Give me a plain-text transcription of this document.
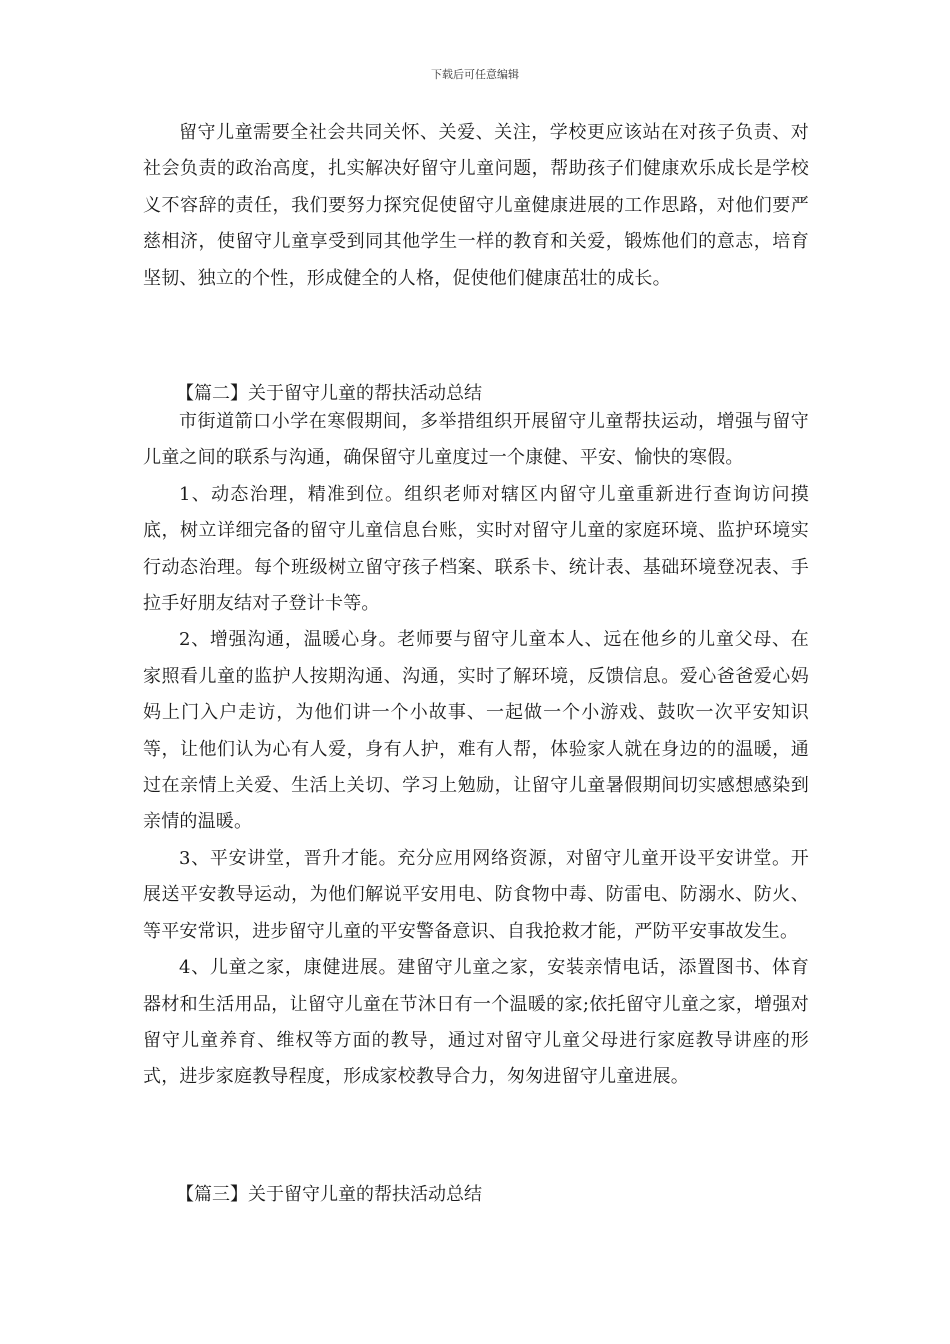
下载后可任意编辑

留守儿童需要全社会共同关怀、关爱、关注，学校更应该站在对孩子负责、对社会负责的政治高度，扎实解决好留守儿童问题，帮助孩子们健康欢乐成长是学校义不容辞的责任，我们要努力探究促使留守儿童健康进展的工作思路，对他们要严慈相济，使留守儿童享受到同其他学生一样的教育和关爱，锻炼他们的意志，培育坚韧、独立的个性，形成健全的人格，促使他们健康茁壮的成长。

【篇二】关于留守儿童的帮扶活动总结

市街道箭口小学在寒假期间，多举措组织开展留守儿童帮扶运动，增强与留守儿童之间的联系与沟通，确保留守儿童度过一个康健、平安、愉快的寒假。

1、动态治理，精准到位。组织老师对辖区内留守儿童重新进行查询访问摸底，树立详细完备的留守儿童信息台账，实时对留守儿童的家庭环境、监护环境实行动态治理。每个班级树立留守孩子档案、联系卡、统计表、基础环境登况表、手拉手好朋友结对子登计卡等。

2、增强沟通，温暖心身。老师要与留守儿童本人、远在他乡的儿童父母、在家照看儿童的监护人按期沟通、沟通，实时了解环境，反馈信息。爱心爸爸爱心妈妈上门入户走访，为他们讲一个小故事、一起做一个小游戏、鼓吹一次平安知识等，让他们认为心有人爱，身有人护，难有人帮，体验家人就在身边的的温暖，通过在亲情上关爱、生活上关切、学习上勉励，让留守儿童暑假期间切实感想感染到亲情的温暖。

3、平安讲堂，晋升才能。充分应用网络资源，对留守儿童开设平安讲堂。开展送平安教导运动，为他们解说平安用电、防食物中毒、防雷电、防溺水、防火、等平安常识，进步留守儿童的平安警备意识、自我抢救才能，严防平安事故发生。

4、儿童之家，康健进展。建留守儿童之家，安装亲情电话，添置图书、体育器材和生活用品，让留守儿童在节沐日有一个温暖的家;依托留守儿童之家，增强对留守儿童养育、维权等方面的教导，通过对留守儿童父母进行家庭教导讲座的形式，进步家庭教导程度，形成家校教导合力，匆匆进留守儿童进展。

【篇三】关于留守儿童的帮扶活动总结
